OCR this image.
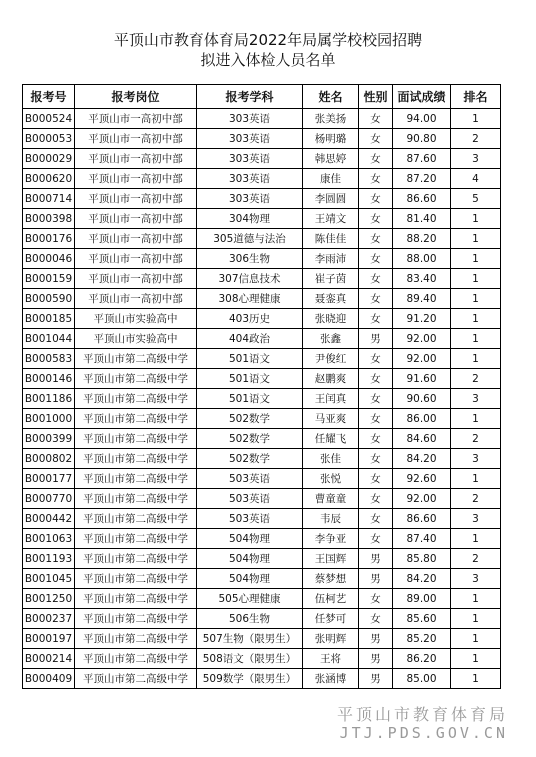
平顶山市教育体育局2022年局属学校校园招聘
拟进入体检人员名单
报考号	报考岗位	报考学科	姓名	性别	面试成绩	排名
B000524	平顶山市一高初中部	303英语	张美扬	女	94.00	1
B000053	平顶山市一高初中部	303英语	杨明璐	女	90.80	2
B000029	平顶山市一高初中部	303英语	韩思婷	女	87.60	3
B000620	平顶山市一高初中部	303英语	康佳	女	87.20	4
B000714	平顶山市一高初中部	303英语	李圆圆	女	86.60	5
B000398	平顶山市一高初中部	304物理	王靖文	女	81.40	1
B000176	平顶山市一高初中部	305道德与法治	陈佳佳	女	88.20	1
B000046	平顶山市一高初中部	306生物	李雨沛	女	88.00	1
B000159	平顶山市一高初中部	307信息技术	崔子茵	女	83.40	1
B000590	平顶山市一高初中部	308心理健康	聂銮真	女	89.40	1
B000185	平顶山市实验高中	403历史	张晓迎	女	91.20	1
B001044	平顶山市实验高中	404政治	张鑫	男	92.00	1
B000583	平顶山市第二高级中学	501语文	尹俊红	女	92.00	1
B000146	平顶山市第二高级中学	501语文	赵鹏爽	女	91.60	2
B001186	平顶山市第二高级中学	501语文	王闰真	女	90.60	3
B001000	平顶山市第二高级中学	502数学	马亚爽	女	86.00	1
B000399	平顶山市第二高级中学	502数学	任耀飞	女	84.60	2
B000802	平顶山市第二高级中学	502数学	张佳	女	84.20	3
B000177	平顶山市第二高级中学	503英语	张悦	女	92.60	1
B000770	平顶山市第二高级中学	503英语	曹童童	女	92.00	2
B000442	平顶山市第二高级中学	503英语	韦辰	女	86.60	3
B001063	平顶山市第二高级中学	504物理	李争亚	女	87.40	1
B001193	平顶山市第二高级中学	504物理	王国辉	男	85.80	2
B001045	平顶山市第二高级中学	504物理	蔡梦想	男	84.20	3
B001250	平顶山市第二高级中学	505心理健康	伍柯艺	女	89.00	1
B000237	平顶山市第二高级中学	506生物	任梦可	女	85.60	1
B000197	平顶山市第二高级中学	507生物（限男生）	张明辉	男	85.20	1
B000214	平顶山市第二高级中学	508语文（限男生）	王将	男	86.20	1
B000409	平顶山市第二高级中学	509数学（限男生）	张涵博	男	85.00	1
平顶山市教育体育局
JTJ.PDS.GOV.CN
